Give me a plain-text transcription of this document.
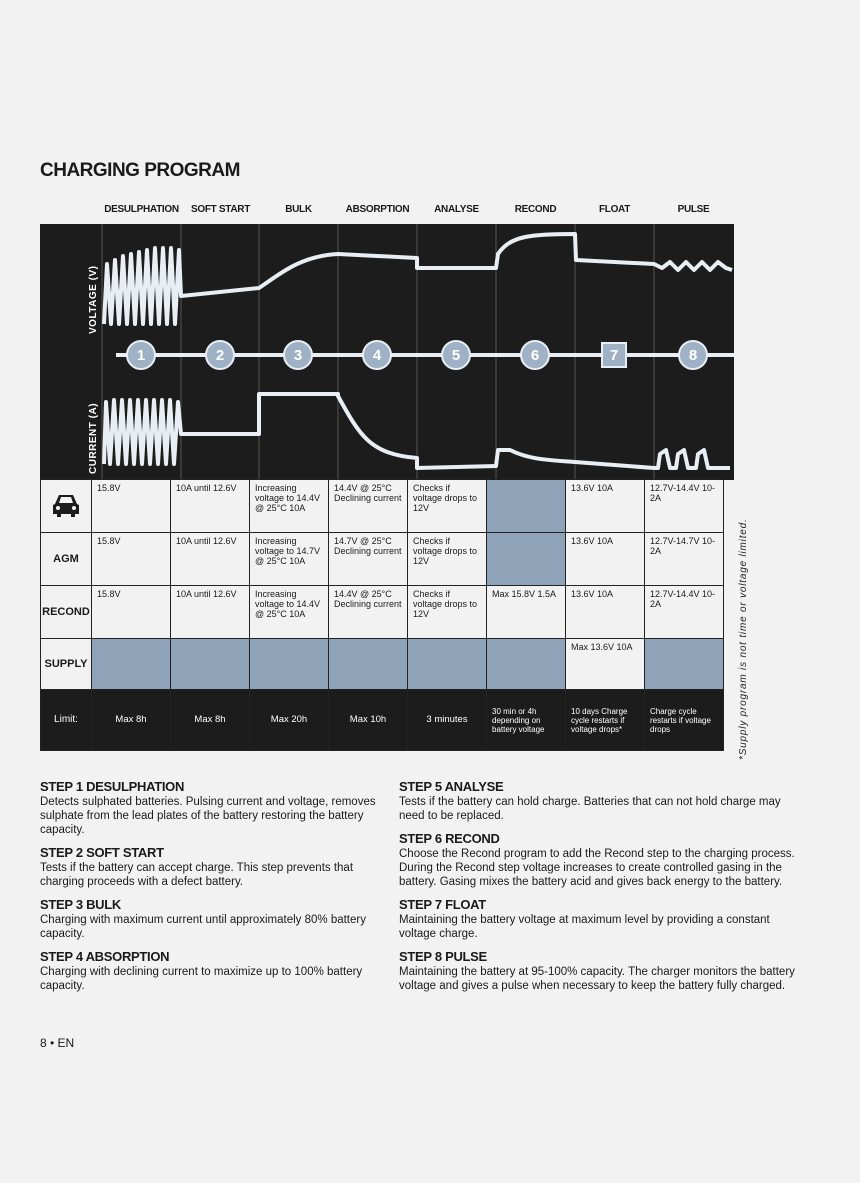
CHARGING PROGRAM
DESULPHATION	SOFT START	BULK	ABSORPTION	ANALYSE	RECOND	FLOAT	PULSE
VOLTAGE (V)
CURRENT (A)
1	2	3	4	5	6	7	8
	15.8V	10A until 12.6V	Increasing voltage to 14.4V @ 25°C 10A	14.4V @ 25°C Declining current	Checks if voltage drops to 12V		13.6V 10A	12.7V-14.4V 10-2A
AGM	15.8V	10A until 12.6V	Increasing voltage to 14.7V @ 25°C 10A	14.7V @ 25°C Declining current	Checks if voltage drops to 12V		13.6V 10A	12.7V-14.7V 10-2A
RECOND	15.8V	10A until 12.6V	Increasing voltage to 14.4V @ 25°C 10A	14.4V @ 25°C Declining current	Checks if voltage drops to 12V	Max 15.8V 1.5A	13.6V 10A	12.7V-14.4V 10-2A
SUPPLY							Max 13.6V 10A	
Limit:	Max 8h	Max 8h	Max 20h	Max 10h	3 minutes	30 min or 4h depending on battery voltage	10 days Charge cycle restarts if voltage drops*	Charge cycle restarts if voltage drops	*Supply program is not time or voltage limited.
STEP 1 DESULPHATION

Detects sulphated batteries. Pulsing current and voltage, removes sulphate from the lead plates of the battery restoring the battery capacity.

STEP 2 SOFT START

Tests if the battery can accept charge. This step prevents that charging proceeds with a defect battery.

STEP 3 BULK

Charging with maximum current until approximately 80% battery capacity.

STEP 4 ABSORPTION

Charging with declining current to maximize up to 100% battery capacity.

STEP 5 ANALYSE

Tests if the battery can hold charge. Batteries that can not hold charge may need to be replaced.

STEP 6 RECOND

Choose the Recond program to add the Recond step to the charging process. During the Recond step voltage increases to create controlled gasing in the battery. Gasing mixes the battery acid and gives back energy to the battery.

STEP 7 FLOAT

Maintaining the battery voltage at maximum level by providing a constant voltage charge.

STEP 8 PULSE

Maintaining the battery at 95-100% capacity. The charger monitors the battery voltage and gives a pulse when necessary to keep the battery fully charged.

8 • EN
